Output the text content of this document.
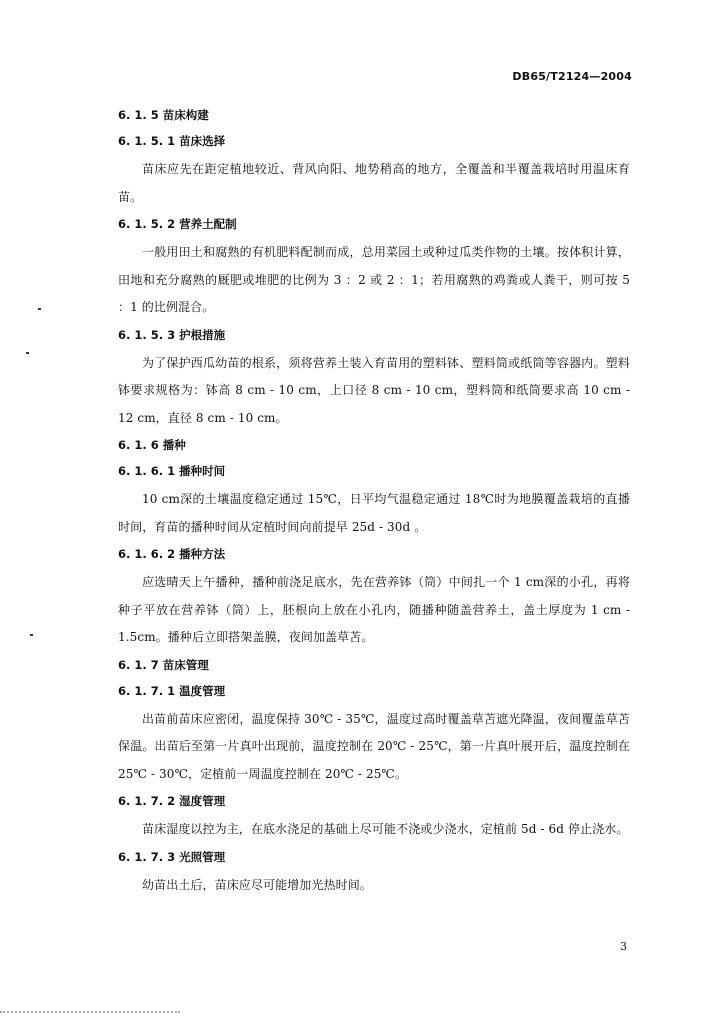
DB65/T2124—2004
6. 1. 5 苗床构建
6. 1. 5. 1 苗床选择

苗床应先在距定植地较近、背风向阳、地势稍高的地方，全覆盖和半覆盖栽培时用温床育苗。

6. 1. 5. 2 营养土配制

一般用田土和腐熟的有机肥料配制而成，总用菜园土或种过瓜类作物的土壤。按体积计算，田地和充分腐熟的厩肥或堆肥的比例为 3 ：2 或 2 ：1；若用腐熟的鸡粪或人粪干，则可按 5 ：1 的比例混合。

6. 1. 5. 3 护根措施

为了保护西瓜幼苗的根系，须将营养土装入育苗用的塑料钵、塑料筒或纸筒等容器内。塑料钵要求规格为：钵高 8 cm - 10 cm，上口径 8 cm - 10 cm，塑料筒和纸筒要求高 10 cm - 12 cm，直径 8 cm - 10 cm。

6. 1. 6 播种
6. 1. 6. 1 播种时间

10 cm深的土壤温度稳定通过 15℃，日平均气温稳定通过 18℃时为地膜覆盖栽培的直播时间，育苗的播种时间从定植时间向前提早 25d - 30d 。

6. 1. 6. 2 播种方法

应选晴天上午播种，播种前浇足底水，先在营养钵（筒）中间扎一个 1 cm深的小孔，再将种子平放在营养钵（筒）上，胚根向上放在小孔内，随播种随盖营养土，盖土厚度为 1 cm - 1.5cm。播种后立即搭架盖膜，夜间加盖草苫。

6. 1. 7 苗床管理
6. 1. 7. 1 温度管理

出苗前苗床应密闭，温度保持 30℃ - 35℃，温度过高时覆盖草苫遮光降温，夜间覆盖草苫保温。出苗后至第一片真叶出现前，温度控制在 20℃ - 25℃，第一片真叶展开后，温度控制在 25℃ - 30℃，定植前一周温度控制在 20℃ - 25℃。

6. 1. 7. 2 湿度管理

苗床湿度以控为主，在底水浇足的基础上尽可能不浇或少浇水，定植前 5d - 6d 停止浇水。

6. 1. 7. 3 光照管理

幼苗出土后，苗床应尽可能增加光热时间。

3
